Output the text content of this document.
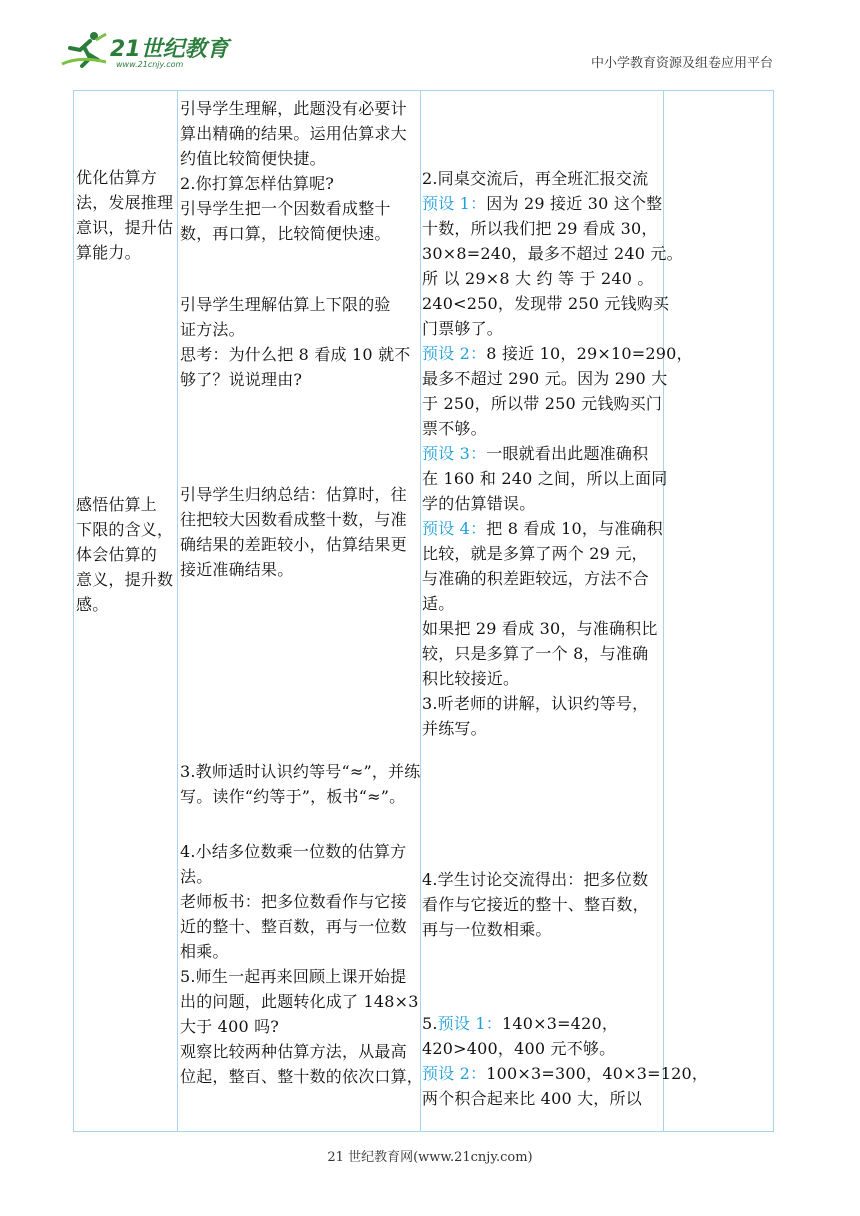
21世纪教育
www.21cnjy.com	中小学教育资源及组卷应用平台
优化估算方
法，发展推理
意识，提升估
算能力。
感悟估算上
下限的含义，
体会估算的
意义，提升数
感。
引导学生理解，此题没有必要计
算出精确的结果。运用估算求大
约值比较简便快捷。
2.你打算怎样估算呢?
引导学生把一个因数看成整十
数，再口算，比较简便快速。
引导学生理解估算上下限的验
证方法。
思考：为什么把 8 看成 10 就不
够了？说说理由?
引导学生归纳总结：估算时，往
往把较大因数看成整十数，与准
确结果的差距较小，估算结果更
接近准确结果。
3.教师适时认识约等号“≈”，并练
写。读作“约等于”，板书“≈”。
4.小结多位数乘一位数的估算方
法。
老师板书：把多位数看作与它接
近的整十、整百数，再与一位数
相乘。
5.师生一起再来回顾上课开始提
出的问题，此题转化成了 148×3
大于 400 吗?
观察比较两种估算方法，从最高
位起，整百、整十数的依次口算，
2.同桌交流后，再全班汇报交流
预设 1：因为 29 接近 30 这个整
十数，所以我们把 29 看成 30，
30×8=240，最多不超过 240 元。
所 以 29×8 大 约 等 于 240 。
240<250，发现带 250 元钱购买
门票够了。
预设 2：8 接近 10，29×10=290，
最多不超过 290 元。因为 290 大
于 250，所以带 250 元钱购买门
票不够。
预设 3：一眼就看出此题准确积
在 160 和 240 之间，所以上面同
学的估算错误。
预设 4：把 8 看成 10，与准确积
比较，就是多算了两个 29 元，
与准确的积差距较远，方法不合
适。
如果把 29 看成 30，与准确积比
较，只是多算了一个 8，与准确
积比较接近。
3.听老师的讲解，认识约等号，
并练写。
4.学生讨论交流得出：把多位数
看作与它接近的整十、整百数，
再与一位数相乘。
5.预设 1：140×3=420，
420>400，400 元不够。
预设 2：100×3=300，40×3=120，
两个积合起来比 400 大，所以
21 世纪教育网(www.21cnjy.com)
